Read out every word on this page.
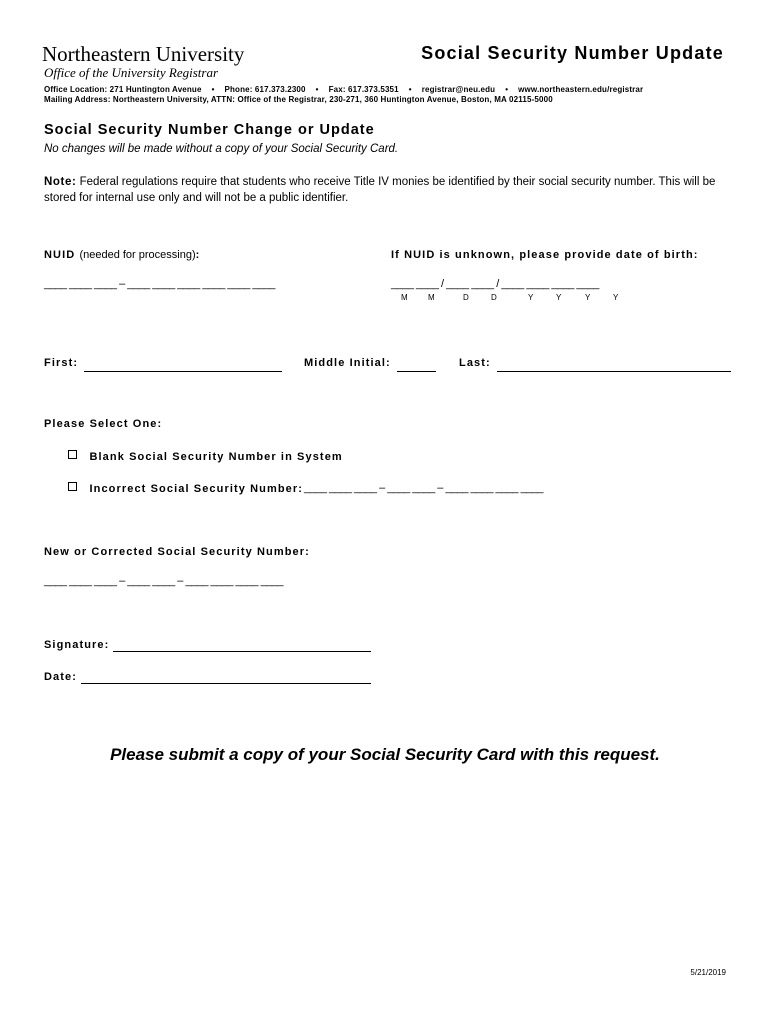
Northeastern University
Office of the University Registrar
Social Security Number Update
Office Location: 271 Huntington Avenue • Phone: 617.373.2300 • Fax: 617.373.5351 • registrar@neu.edu • www.northeastern.edu/registrar
Mailing Address: Northeastern University, ATTN: Office of the Registrar, 230-271, 360 Huntington Avenue, Boston, MA 02115-5000
Social Security Number Change or Update
No changes will be made without a copy of your Social Security Card.
Note: Federal regulations require that students who receive Title IV monies be identified by their social security number. This will be stored for internal use only and will not be a public identifier.
NUID (needed for processing):
____ ____ ____ – ____ ____ ____ ____ ____ ____
If NUID is unknown, please provide date of birth:
____ ____ / ____ ____ / ____ ____ ____ ____
M	M	D	D	Y	Y	Y	Y
First:	Middle Initial:	Last:
Please Select One:
Blank Social Security Number in System
Incorrect Social Security Number: ____ ____ ____ – ____ ____ – ____ ____ ____ ____
New or Corrected Social Security Number:
____ ____ ____ – ____ ____ – ____ ____ ____ ____
Signature:
Date:
Please submit a copy of your Social Security Card with this request.
5/21/2019
